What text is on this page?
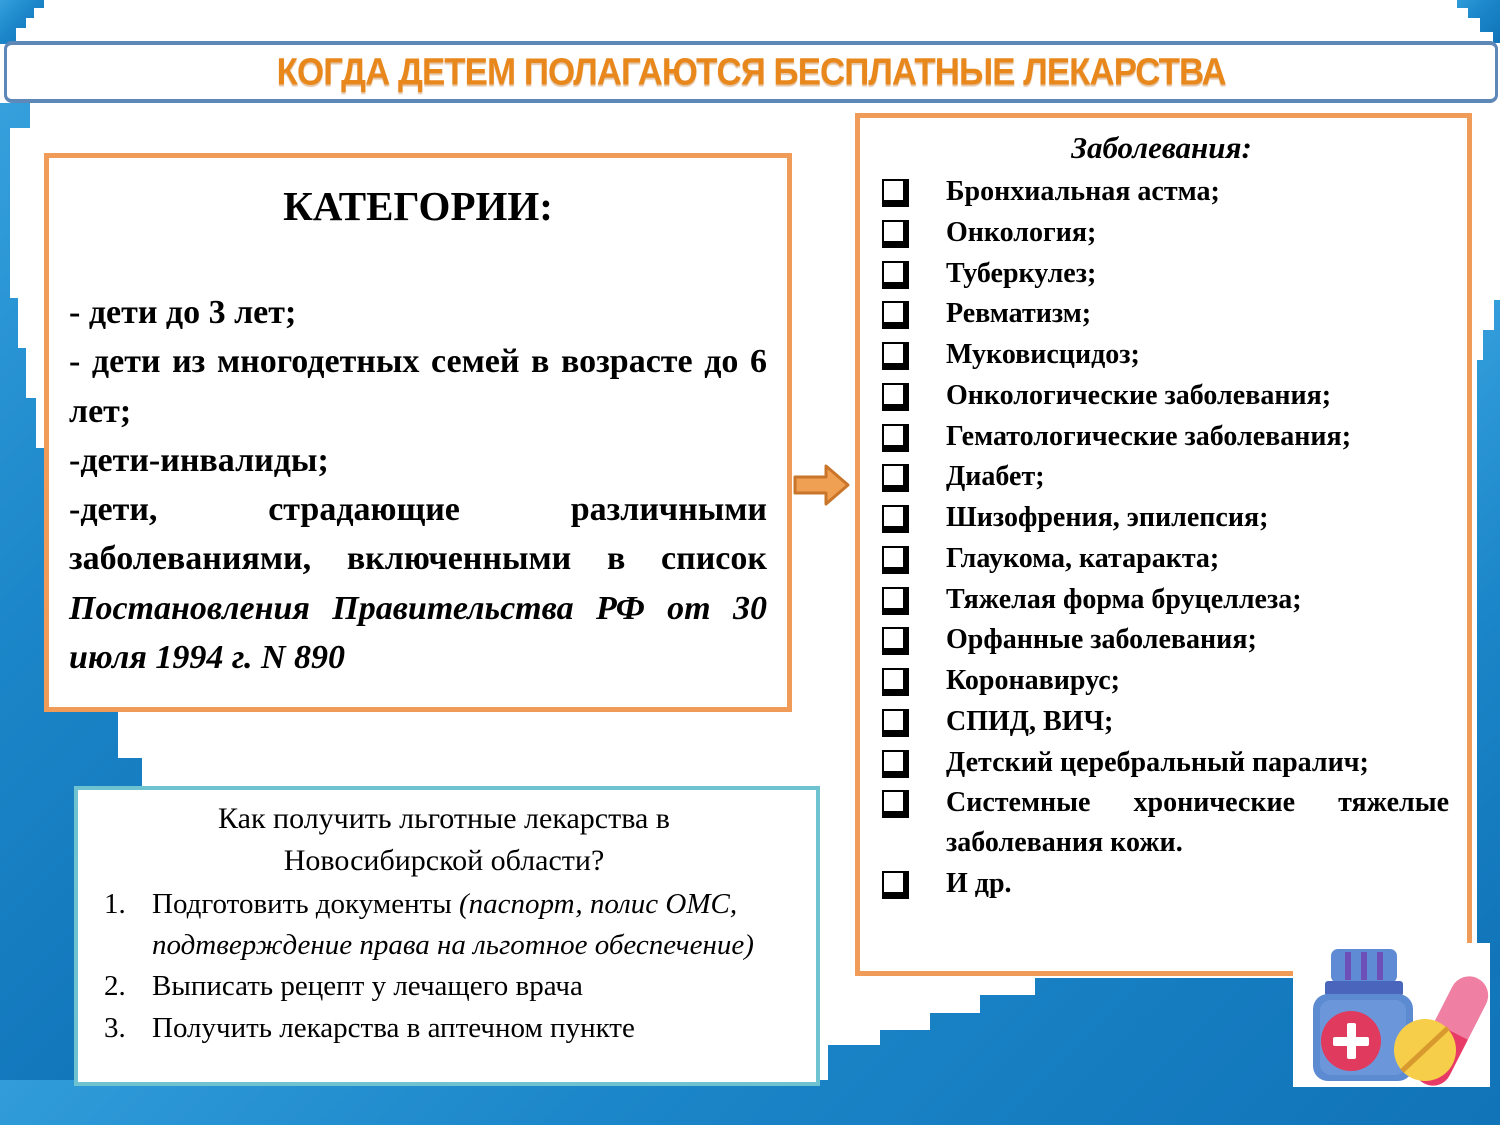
КОГДА ДЕТЕМ ПОЛАГАЮТСЯ БЕСПЛАТНЫЕ ЛЕКАРСТВА
КАТЕГОРИИ:

- дети до 3 лет;

- дети из многодетных семей в возрасте до 6 лет;

-дети-инвалиды;

-дети, страдающие различными заболеваниями, включенными в список Постановления Правительства РФ от 30 июля 1994 г. N 890

Заболевания:
Бронхиальная астма;
Онкология;
Туберкулез;
Ревматизм;
Муковисцидоз;
Онкологические заболевания;
Гематологические заболевания;
Диабет;
Шизофрения, эпилепсия;
Глаукома, катаракта;
Тяжелая форма бруцеллеза;
Орфанные заболевания;
Коронавирус;
СПИД, ВИЧ;
Детский церебральный паралич;
Системные хронические тяжелые заболевания кожи.
И др.
Как получить льготные лекарства в Новосибирской области?
1. Подготовить документы (паспорт, полис ОМС, подтверждение права на льготное обеспечение)
2. Выписать рецепт у лечащего врача
3. Получить лекарства в аптечном пункте
